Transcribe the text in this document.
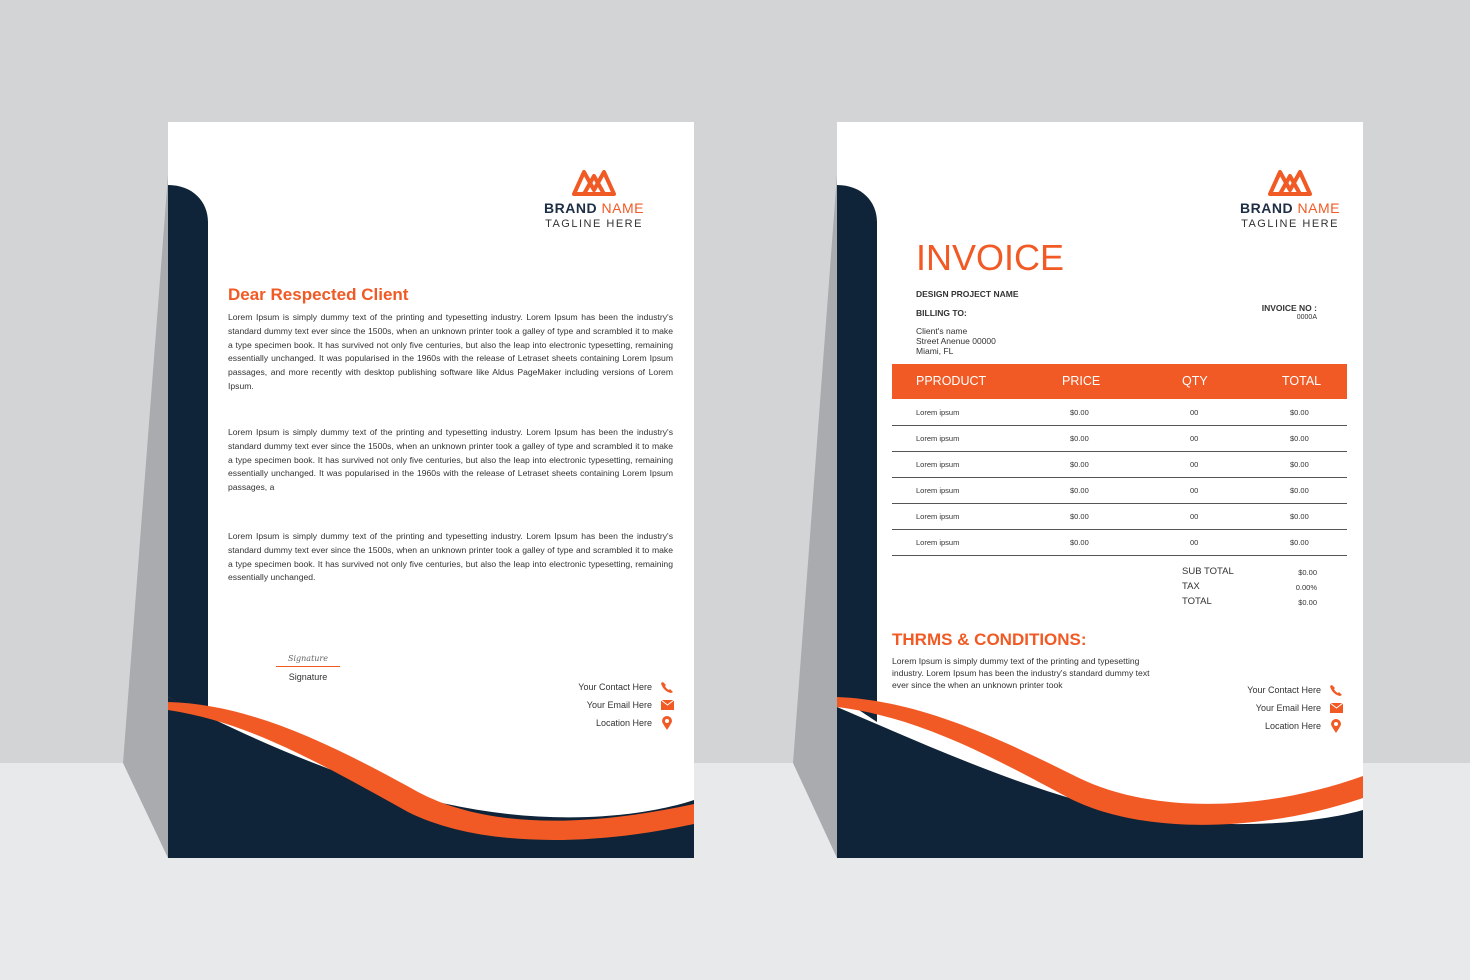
BRAND NAME
TAGLINE HERE
Dear Respected Client
Lorem Ipsum is simply dummy text of the printing and typesetting industry. Lorem Ipsum has been the industry's standard dummy text ever since the 1500s, when an unknown printer took a galley of type and scrambled it to make a type specimen book. It has survived not only five centuries, but also the leap into electronic typesetting, remaining essentially unchanged. It was popularised in the 1960s with the release of Letraset sheets containing Lorem Ipsum passages, and more recently with desktop publishing software like Aldus PageMaker including versions of Lorem Ipsum.
Lorem Ipsum is simply dummy text of the printing and typesetting industry. Lorem Ipsum has been the industry's standard dummy text ever since the 1500s, when an unknown printer took a galley of type and scrambled it to make a type specimen book. It has survived not only five centuries, but also the leap into electronic typesetting, remaining essentially unchanged. It was popularised in the 1960s with the release of Letraset sheets containing Lorem Ipsum passages, a
Lorem Ipsum is simply dummy text of the printing and typesetting industry. Lorem Ipsum has been the industry's standard dummy text ever since the 1500s, when an unknown printer took a galley of type and scrambled it to make a type specimen book. It has survived not only five centuries, but also the leap into electronic typesetting, remaining essentially unchanged.
Signature
Signature
Your Contact Here
Your Email Here
Location Here
BRAND NAME
TAGLINE HERE
INVOICE
DESIGN PROJECT NAME
BILLING TO:
Client's name
Street Anenue 00000
Miami, FL
INVOICE NO :
0000A
PPRODUCT	PRICE	QTY	TOTAL
Lorem ipsum	$0.00	00	$0.00
Lorem ipsum	$0.00	00	$0.00
Lorem ipsum	$0.00	00	$0.00
Lorem ipsum	$0.00	00	$0.00
Lorem ipsum	$0.00	00	$0.00
Lorem ipsum	$0.00	00	$0.00
SUB TOTAL	$0.00
TAX	0.00%
TOTAL	$0.00
THRMS & CONDITIONS:
Lorem Ipsum is simply dummy text of the printing and typesetting industry. Lorem Ipsum has been the industry's standard dummy text ever since the when an unknown printer took	Your Contact Here
Your Email Here
Location Here
